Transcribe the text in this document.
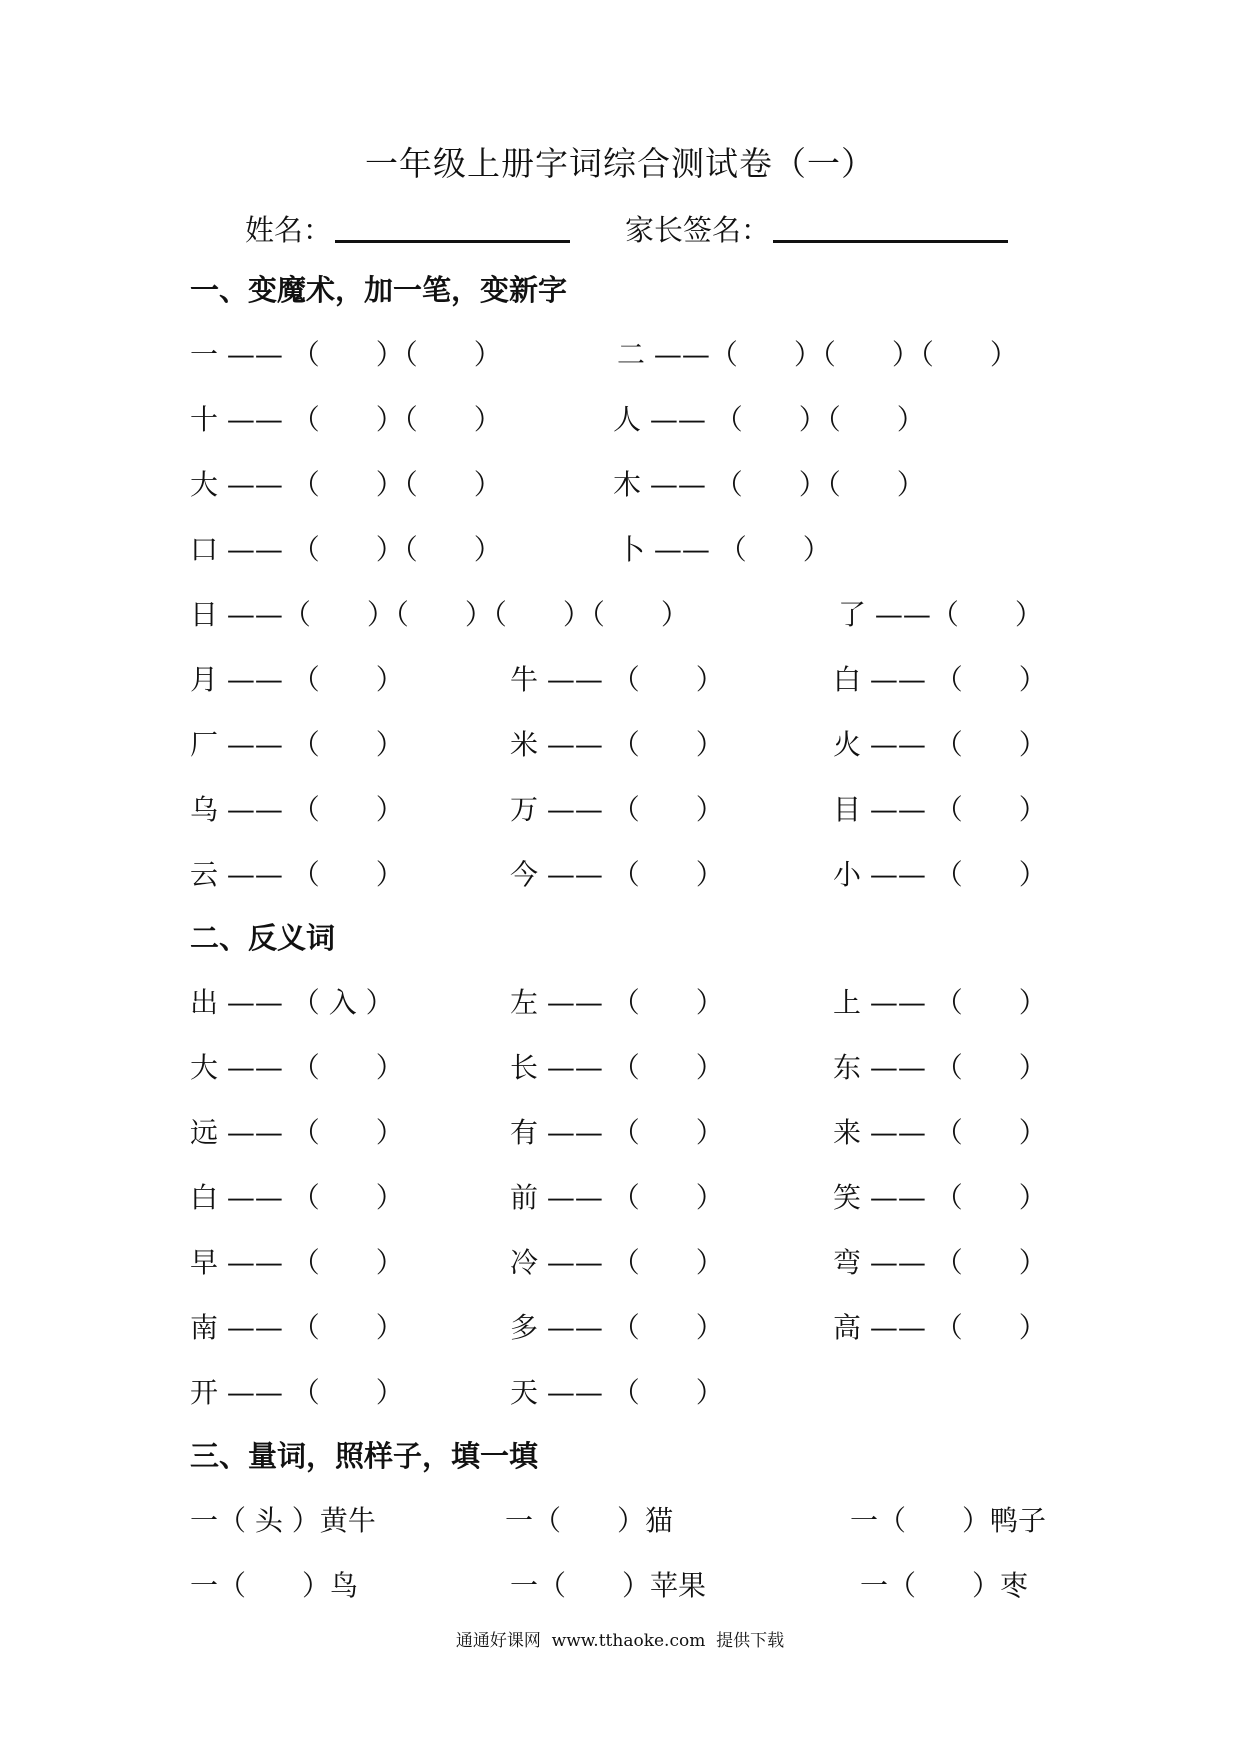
一年级上册字词综合测试卷（一）
姓名：	家长签名：
一、变魔术，加一笔，变新字
一 —— （　　）（　　）	二 ——（　　）（　　）（　　）
十 —— （　　）（　　）	人 —— （　　）（　　）
大 —— （　　）（　　）	木 —— （　　）（　　）
口 —— （　　）（　　）	卜 —— （　　）
日 ——（　　）（　　）（　　）（　　）	了 ——（　　）
月 —— （　　）	牛 —— （　　）	白 —— （　　）
厂 —— （　　）	米 —— （　　）	火 —— （　　）
乌 —— （　　）	万 —— （　　）	目 —— （　　）
云 —— （　　）	今 —— （　　）	小 —— （　　）
二、反义词
出 —— （ 入 ）	左 —— （　　）	上 —— （　　）
大 —— （　　）	长 —— （　　）	东 —— （　　）
远 —— （　　）	有 —— （　　）	来 —— （　　）
白 —— （　　）	前 —— （　　）	笑 —— （　　）
早 —— （　　）	冷 —— （　　）	弯 —— （　　）
南 —— （　　）	多 —— （　　）	高 —— （　　）
开 —— （　　）	天 —— （　　）
三、量词，照样子，填一填
一（ 头 ）黄牛	一（　　）猫	一（　　）鸭子
一（　　）鸟	一（　　）苹果	一（　　）枣
通通好课网  www.tthaoke.com  提供下载
